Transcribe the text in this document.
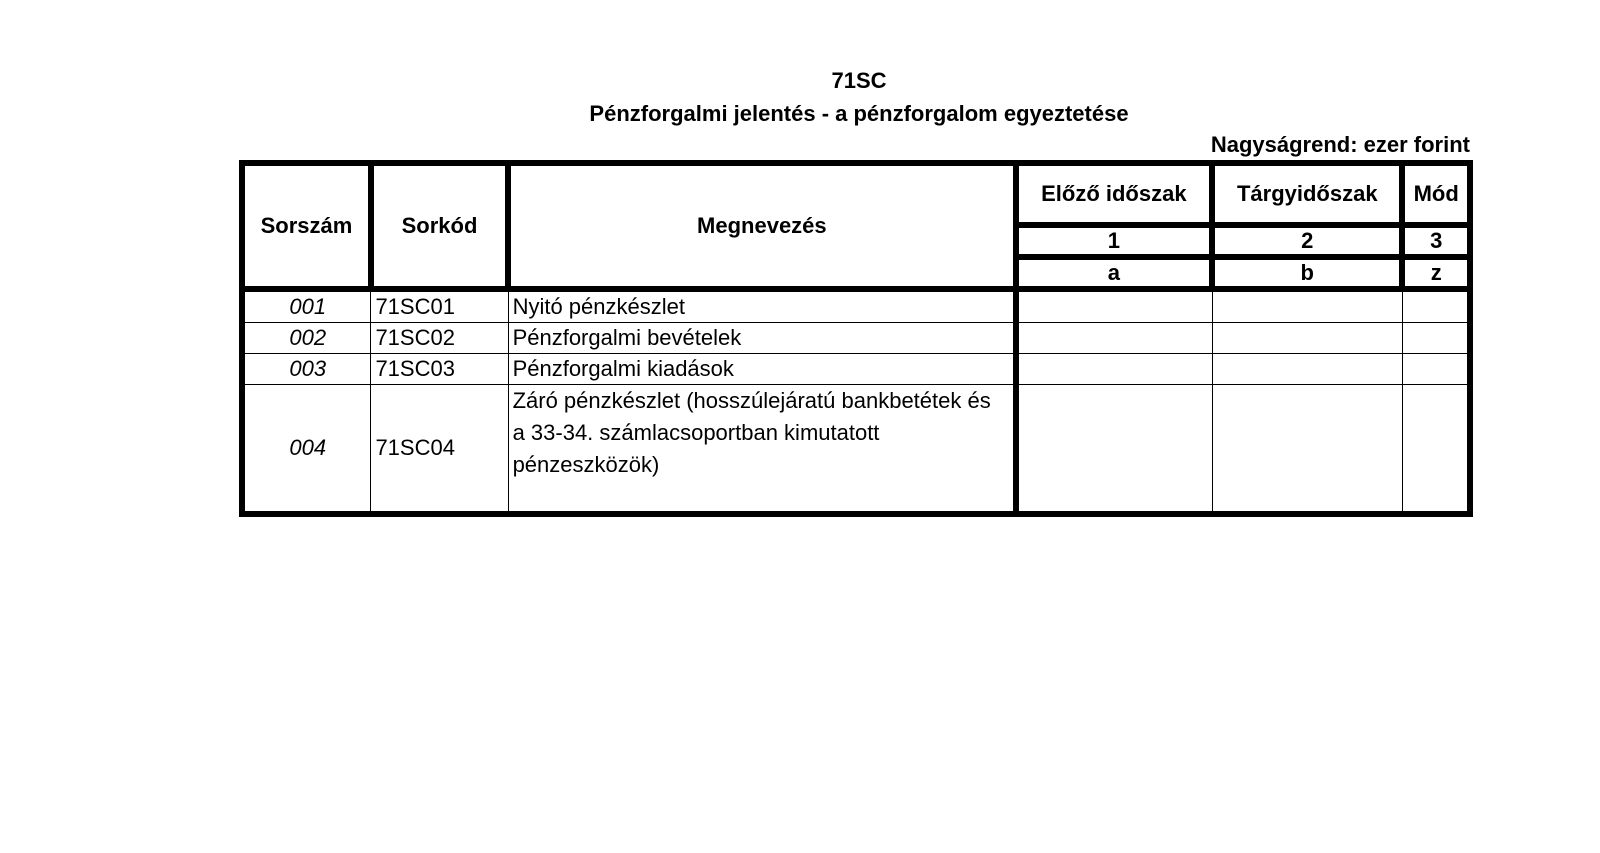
71SC
Pénzforgalmi jelentés - a pénzforgalom egyeztetése
Nagyságrend: ezer forint
Sorszám	Sorkód	Megnevezés	Előző időszak	Tárgyidőszak	Mód
			1	2	3
			a	b	z
001	71SC01	Nyitó pénzkészlet			
002	71SC02	Pénzforgalmi bevételek			
003	71SC03	Pénzforgalmi kiadások			
004	71SC04	Záró pénzkészlet (hosszúlejáratú bankbetétek és a 33-34. számlacsoportban kimutatott pénzeszközök)			
